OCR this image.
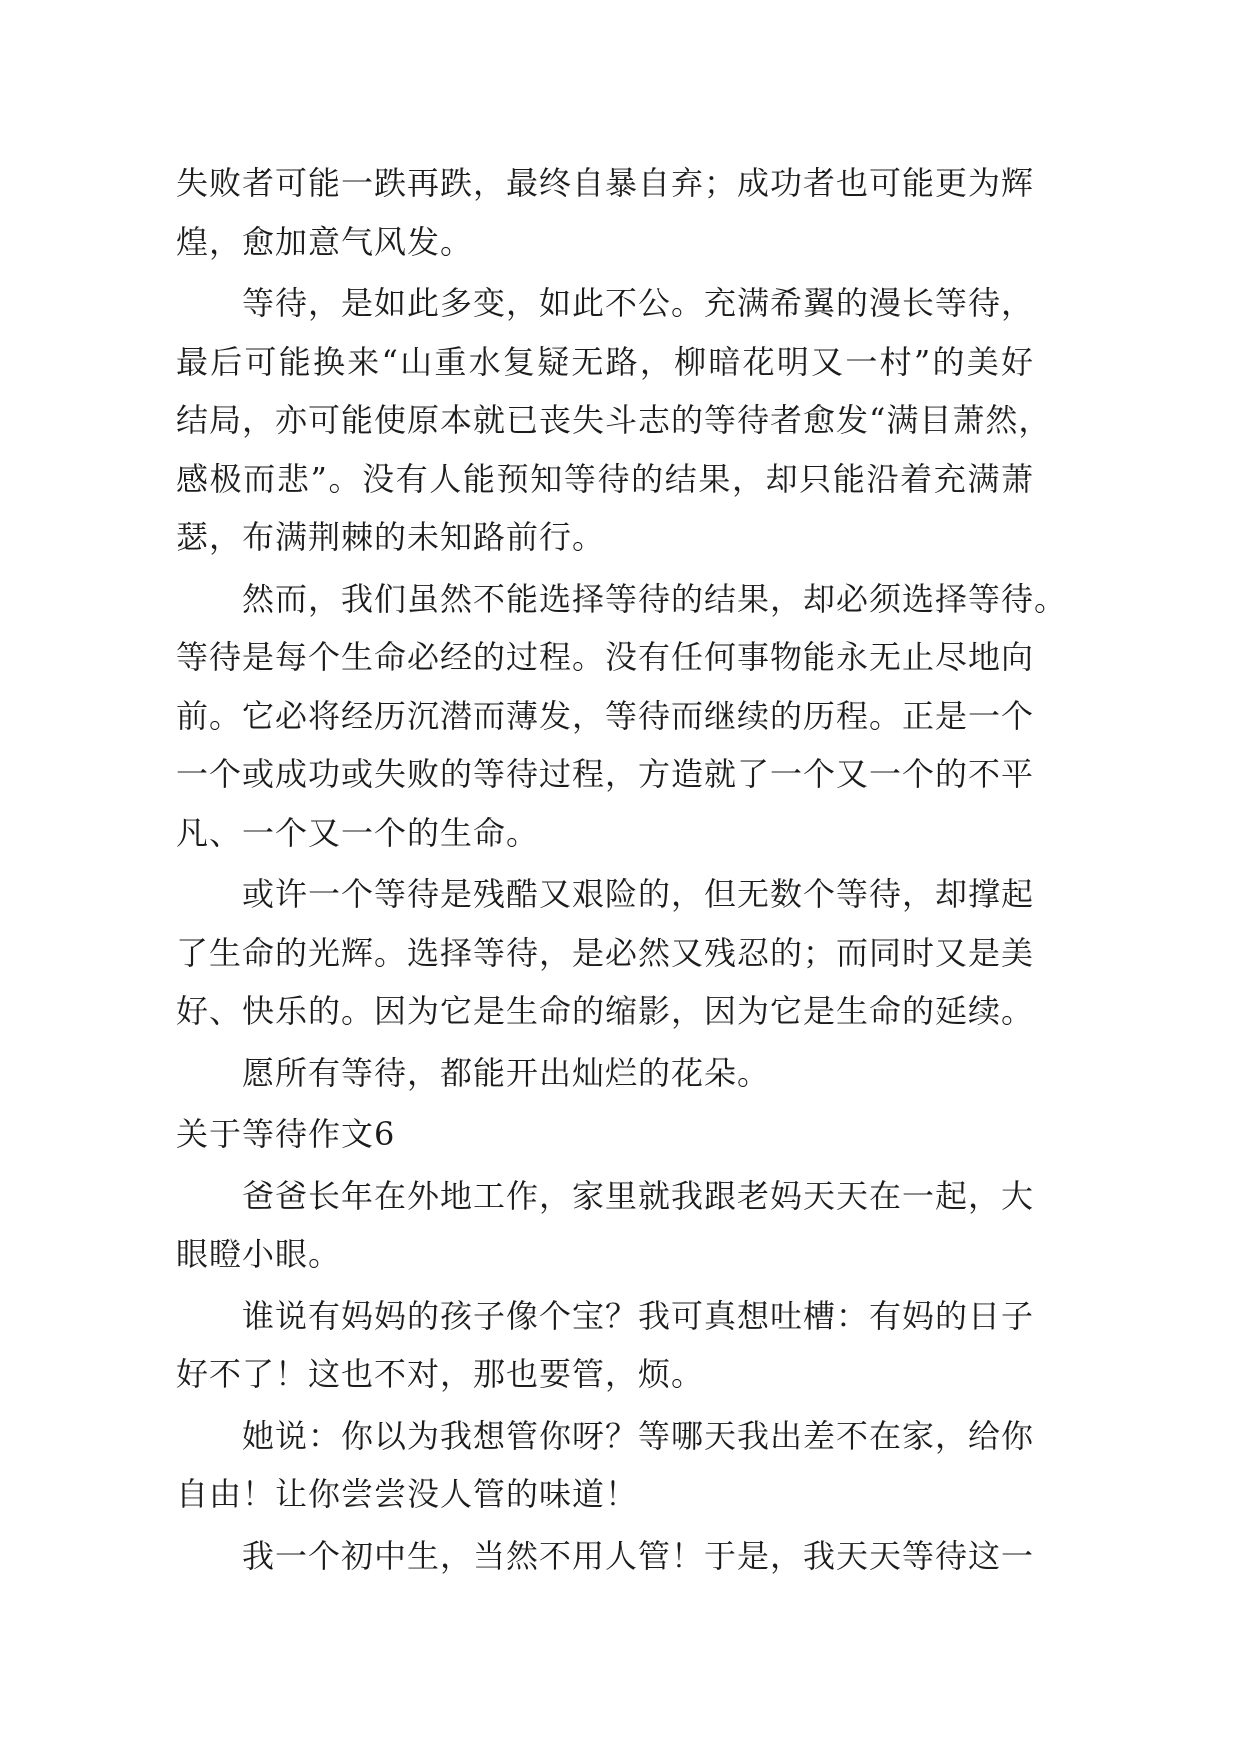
失败者可能一跌再跌，最终自暴自弃；成功者也可能更为辉
煌，愈加意气风发。
等待，是如此多变，如此不公。充满希翼的漫长等待，
最后可能换来“山重水复疑无路，柳暗花明又一村”的美好
结局，亦可能使原本就已丧失斗志的等待者愈发“满目萧然，
感极而悲”。没有人能预知等待的结果，却只能沿着充满萧
瑟，布满荆棘的未知路前行。
然而，我们虽然不能选择等待的结果，却必须选择等待。
等待是每个生命必经的过程。没有任何事物能永无止尽地向
前。它必将经历沉潜而薄发，等待而继续的历程。正是一个
一个或成功或失败的等待过程，方造就了一个又一个的不平
凡、一个又一个的生命。
或许一个等待是残酷又艰险的，但无数个等待，却撑起
了生命的光辉。选择等待，是必然又残忍的；而同时又是美
好、快乐的。因为它是生命的缩影，因为它是生命的延续。
愿所有等待，都能开出灿烂的花朵。
关于等待作文6
爸爸长年在外地工作，家里就我跟老妈天天在一起，大
眼瞪小眼。
谁说有妈妈的孩子像个宝？我可真想吐槽：有妈的日子
好不了！这也不对，那也要管，烦。
她说：你以为我想管你呀？等哪天我出差不在家，给你
自由！让你尝尝没人管的味道！
我一个初中生，当然不用人管！于是，我天天等待这一
